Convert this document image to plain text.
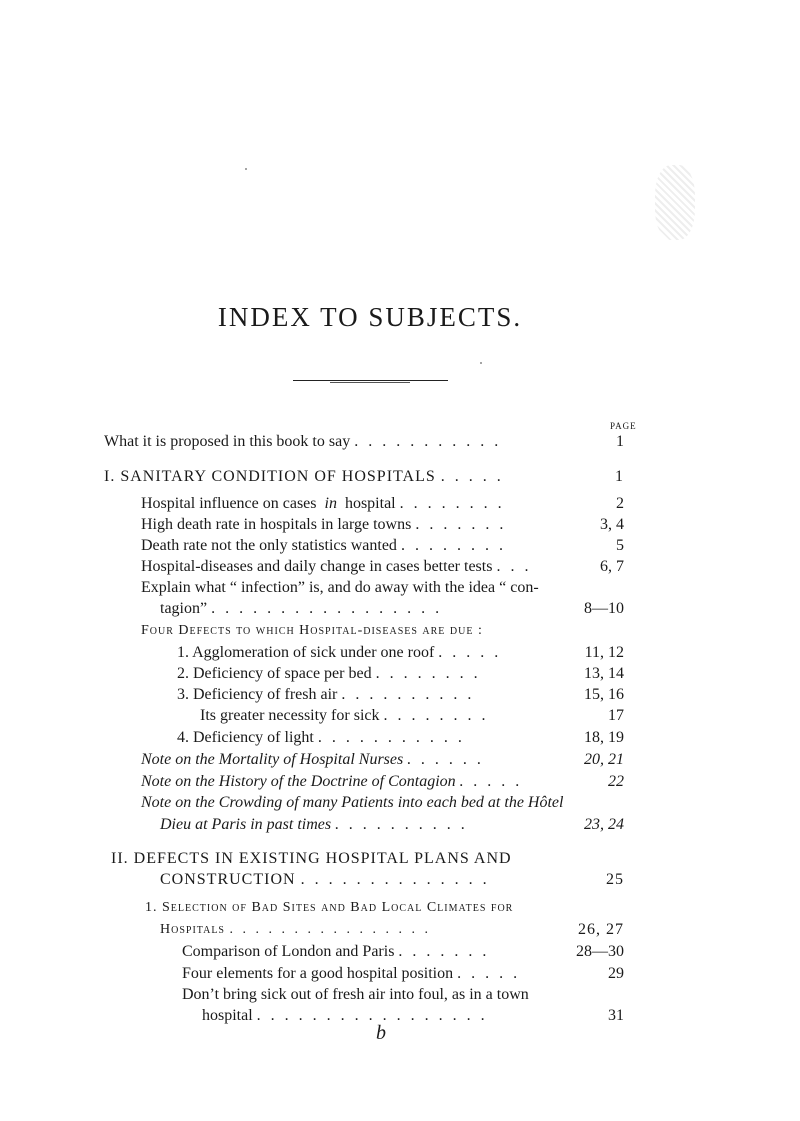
INDEX TO SUBJECTS.
PAGE
What it is proposed in this book to say . . . . . . . . . . .	1
I. SANITARY CONDITION OF HOSPITALS . . . . .	1
Hospital influence on cases in hospital . . . . . . . .	2
High death rate in hospitals in large towns . . . . . . .	3, 4
Death rate not the only statistics wanted . . . . . . . .	5
Hospital-diseases and daily change in cases better tests . . .	6, 7
Explain what “ infection” is, and do away with the idea “ con-
tagion” . . . . . . . . . . . . . . . . .	8—10
Four Defects to which Hospital-diseases are due :
1. Agglomeration of sick under one roof . . . . .	11, 12
2. Deficiency of space per bed . . . . . . . .	13, 14
3. Deficiency of fresh air . . . . . . . . . .	15, 16
Its greater necessity for sick . . . . . . . .	17
4. Deficiency of light . . . . . . . . . . .	18, 19
Note on the Mortality of Hospital Nurses . . . . . .	20, 21
Note on the History of the Doctrine of Contagion . . . . .	22
Note on the Crowding of many Patients into each bed at the Hôtel
Dieu at Paris in past times . . . . . . . . . .	23, 24
II. DEFECTS IN EXISTING HOSPITAL PLANS AND
CONSTRUCTION . . . . . . . . . . . . . .	25
1. Selection of Bad Sites and Bad Local Climates for
Hospitals . . . . . . . . . . . . . . . .	26, 27
Comparison of London and Paris . . . . . . .	28—30
Four elements for a good hospital position . . . . .	29
Don’t bring sick out of fresh air into foul, as in a town
hospital . . . . . . . . . . . . . . . . .	31
b
